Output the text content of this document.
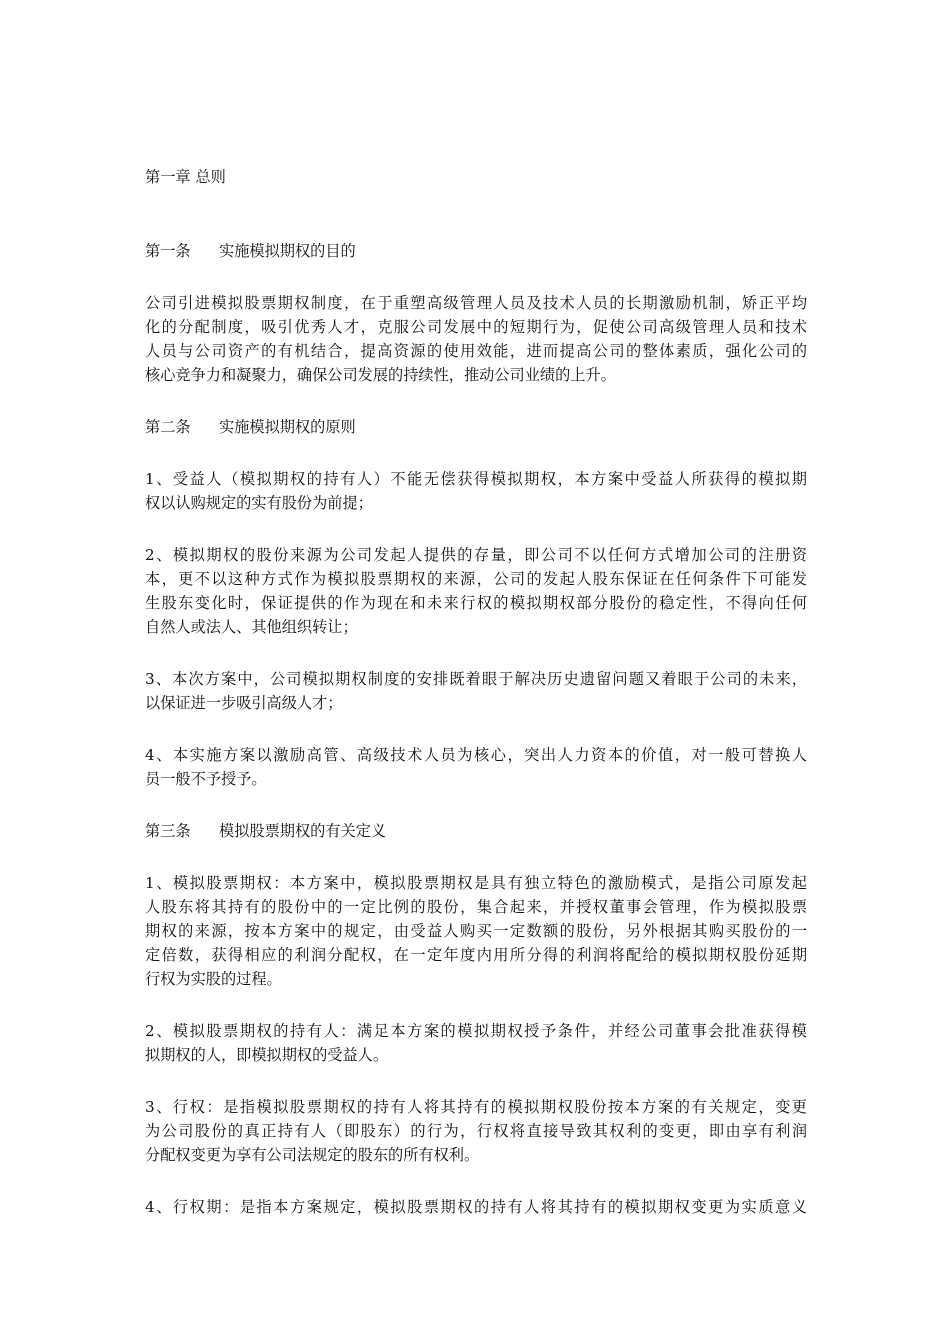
第一章 总则
第一条 实施模拟期权的目的
公司引进模拟股票期权制度，在于重塑高级管理人员及技术人员的长期激励机制，矫正平均
化的分配制度，吸引优秀人才，克服公司发展中的短期行为，促使公司高级管理人员和技术
人员与公司资产的有机结合，提高资源的使用效能，进而提高公司的整体素质，强化公司的
核心竞争力和凝聚力，确保公司发展的持续性，推动公司业绩的上升。
第二条 实施模拟期权的原则
1、受益人（模拟期权的持有人）不能无偿获得模拟期权，本方案中受益人所获得的模拟期
权以认购规定的实有股份为前提；
2、模拟期权的股份来源为公司发起人提供的存量，即公司不以任何方式增加公司的注册资
本，更不以这种方式作为模拟股票期权的来源，公司的发起人股东保证在任何条件下可能发
生股东变化时，保证提供的作为现在和未来行权的模拟期权部分股份的稳定性，不得向任何
自然人或法人、其他组织转让；
3、本次方案中，公司模拟期权制度的安排既着眼于解决历史遗留问题又着眼于公司的未来，
以保证进一步吸引高级人才；
4、本实施方案以激励高管、高级技术人员为核心，突出人力资本的价值，对一般可替换人
员一般不予授予。
第三条 模拟股票期权的有关定义
1、模拟股票期权：本方案中，模拟股票期权是具有独立特色的激励模式，是指公司原发起
人股东将其持有的股份中的一定比例的股份，集合起来，并授权董事会管理，作为模拟股票
期权的来源，按本方案中的规定，由受益人购买一定数额的股份，另外根据其购买股份的一
定倍数，获得相应的利润分配权，在一定年度内用所分得的利润将配给的模拟期权股份延期
行权为实股的过程。
2、模拟股票期权的持有人：满足本方案的模拟期权授予条件，并经公司董事会批准获得模
拟期权的人，即模拟期权的受益人。
3、行权：是指模拟股票期权的持有人将其持有的模拟期权股份按本方案的有关规定，变更
为公司股份的真正持有人（即股东）的行为，行权将直接导致其权利的变更，即由享有利润
分配权变更为享有公司法规定的股东的所有权利。
4、行权期：是指本方案规定，模拟股票期权的持有人将其持有的模拟期权变更为实质意义
